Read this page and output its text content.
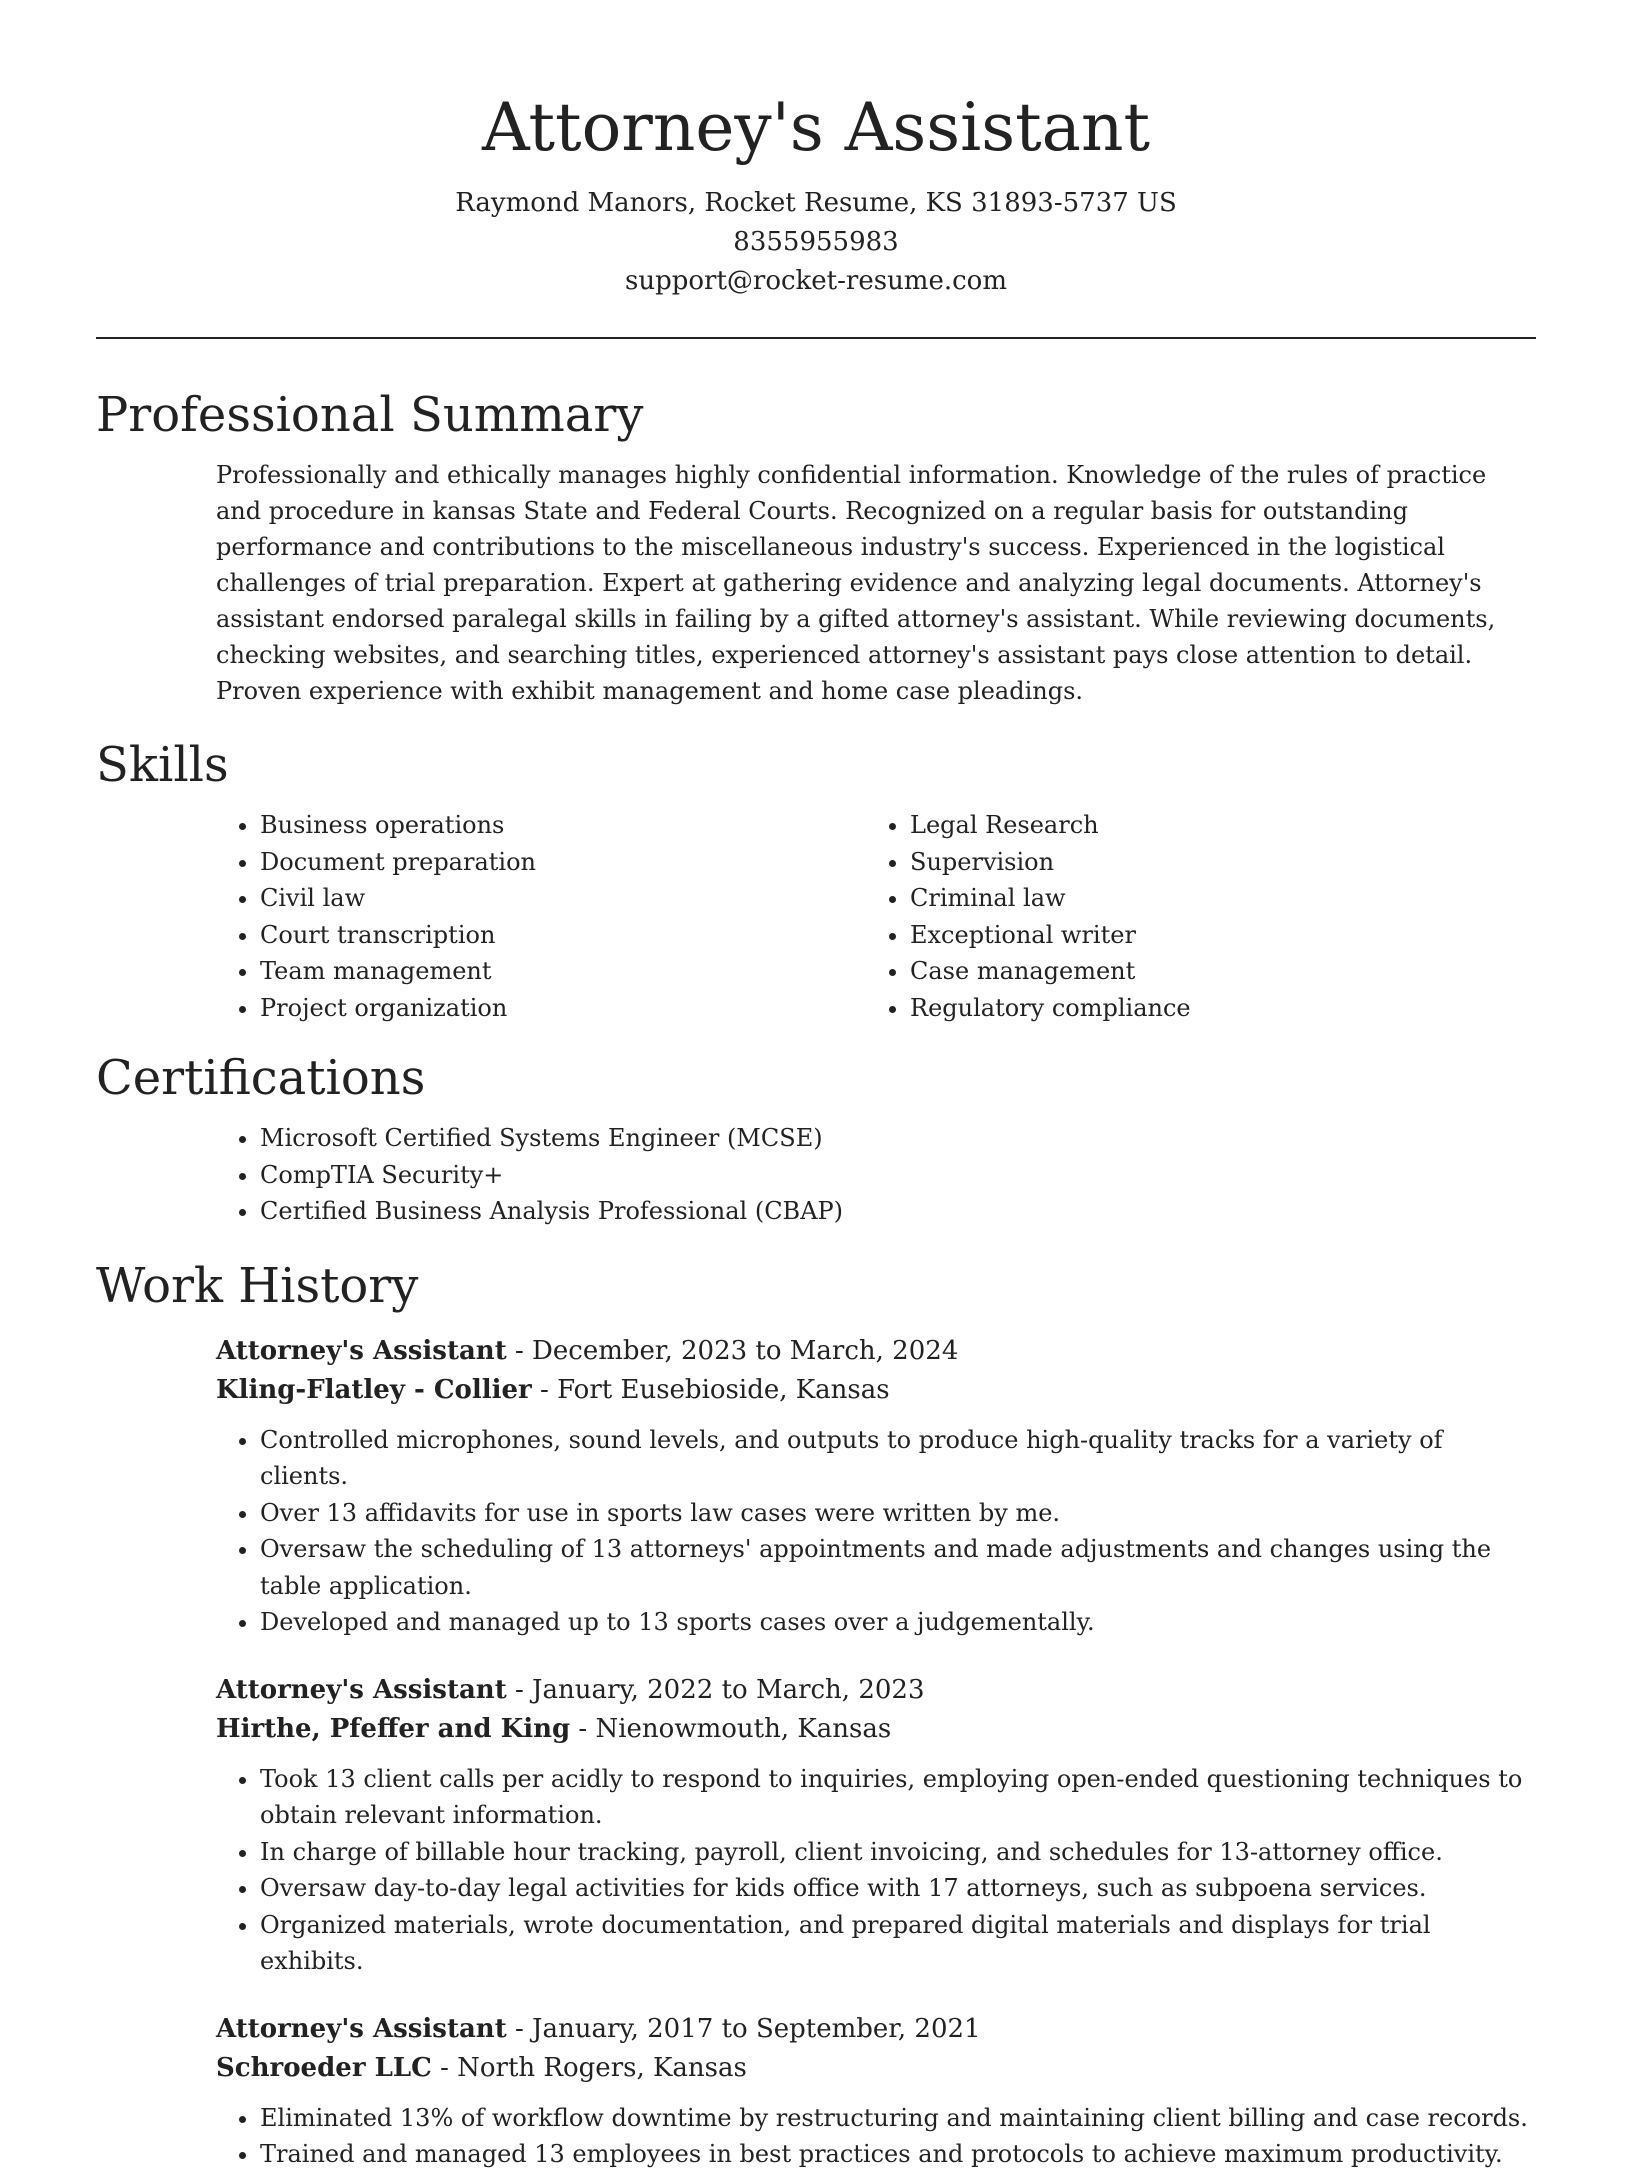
Attorney's Assistant
Raymond Manors, Rocket Resume, KS 31893-5737 US
8355955983
support@rocket-resume.com
Professional Summary

Professionally and ethically manages highly confidential information. Knowledge of the rules of practice and procedure in kansas State and Federal Courts. Recognized on a regular basis for outstanding performance and contributions to the miscellaneous industry's success. Experienced in the logistical challenges of trial preparation. Expert at gathering evidence and analyzing legal documents. Attorney's assistant endorsed paralegal skills in failing by a gifted attorney's assistant. While reviewing documents, checking websites, and searching titles, experienced attorney's assistant pays close attention to detail. Proven experience with exhibit management and home case pleadings.

Skills
• Business operations
• Document preparation
• Civil law
• Court transcription
• Team management
• Project organization
• Legal Research
• Supervision
• Criminal law
• Exceptional writer
• Case management
• Regulatory compliance
Certifications
• Microsoft Certified Systems Engineer (MCSE)
• CompTIA Security+
• Certified Business Analysis Professional (CBAP)
Work History
Attorney's Assistant - December, 2023 to March, 2024
Kling-Flatley - Collier - Fort Eusebioside, Kansas
• Controlled microphones, sound levels, and outputs to produce high-quality tracks for a variety of clients.
• Over 13 affidavits for use in sports law cases were written by me.
• Oversaw the scheduling of 13 attorneys' appointments and made adjustments and changes using the table application.
• Developed and managed up to 13 sports cases over a judgementally.
Attorney's Assistant - January, 2022 to March, 2023
Hirthe, Pfeffer and King - Nienowmouth, Kansas
• Took 13 client calls per acidly to respond to inquiries, employing open-ended questioning techniques to obtain relevant information.
• In charge of billable hour tracking, payroll, client invoicing, and schedules for 13-attorney office.
• Oversaw day-to-day legal activities for kids office with 17 attorneys, such as subpoena services.
• Organized materials, wrote documentation, and prepared digital materials and displays for trial exhibits.
Attorney's Assistant - January, 2017 to September, 2021
Schroeder LLC - North Rogers, Kansas
• Eliminated 13% of workflow downtime by restructuring and maintaining client billing and case records.
• Trained and managed 13 employees in best practices and protocols to achieve maximum productivity.
